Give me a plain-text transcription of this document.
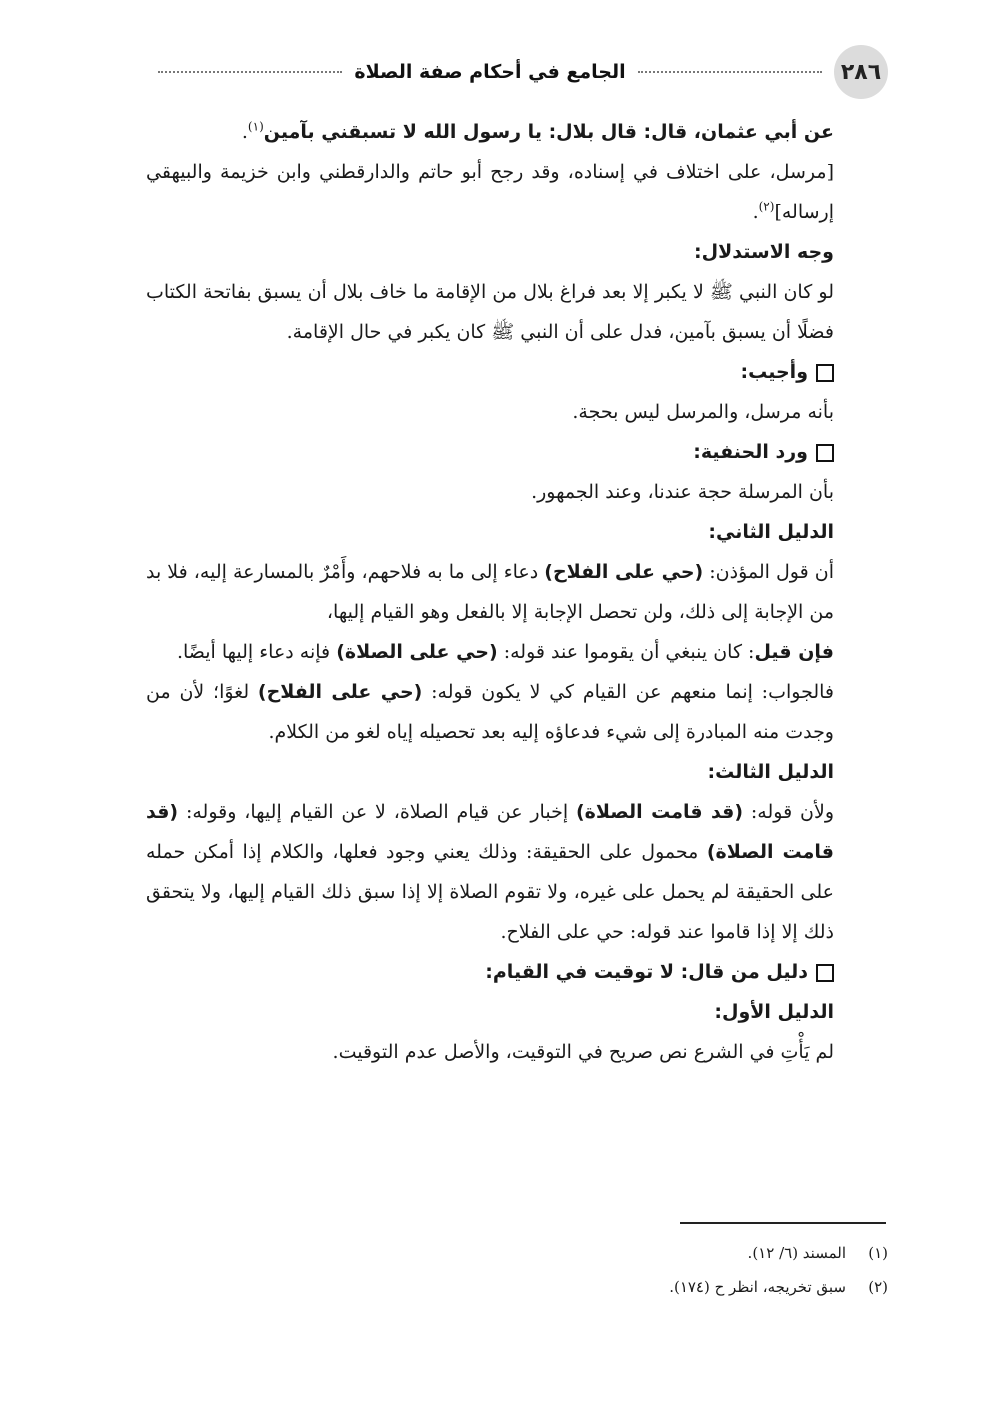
٢٨٦
الجامع في أحكام صفة الصلاة

عن أبي عثمان، قال: قال بلال: يا رسول الله لا تسبقني بآمين$^{(١)}$.

[مرسل، على اختلاف في إسناده، وقد رجح أبو حاتم والدارقطني وابن خزيمة والبيهقي إرساله]$^{(٢)}$.

وجه الاستدلال:

لو كان النبي ﷺ لا يكبر إلا بعد فراغ بلال من الإقامة ما خاف بلال أن يسبق بفاتحة الكتاب فضلًا أن يسبق بآمين، فدل على أن النبي ﷺ كان يكبر في حال الإقامة.

وأجيب:

بأنه مرسل، والمرسل ليس بحجة.

ورد الحنفية:

بأن المرسلة حجة عندنا، وعند الجمهور.

الدليل الثاني:

أن قول المؤذن: (حي على الفلاح) دعاء إلى ما به فلاحهم، وأَمْرٌ بالمسارعة إليه، فلا بد من الإجابة إلى ذلك، ولن تحصل الإجابة إلا بالفعل وهو القيام إليها،

فإن قيل: كان ينبغي أن يقوموا عند قوله: (حي على الصلاة) فإنه دعاء إليها أيضًا.

فالجواب: إنما منعهم عن القيام كي لا يكون قوله: (حي على الفلاح) لغوًا؛ لأن من وجدت منه المبادرة إلى شيء فدعاؤه إليه بعد تحصيله إياه لغو من الكلام.

الدليل الثالث:

ولأن قوله: (قد قامت الصلاة) إخبار عن قيام الصلاة، لا عن القيام إليها، وقوله: (قد قامت الصلاة) محمول على الحقيقة: وذلك يعني وجود فعلها، والكلام إذا أمكن حمله على الحقيقة لم يحمل على غيره، ولا تقوم الصلاة إلا إذا سبق ذلك القيام إليها، ولا يتحقق ذلك إلا إذا قاموا عند قوله: حي على الفلاح.

دليل من قال: لا توقيت في القيام:

الدليل الأول:

لم يَأْتِ في الشرع نص صريح في التوقيت، والأصل عدم التوقيت.

(١)المسند (٦/ ١٢).
(٢)سبق تخريجه، انظر ح (١٧٤).
